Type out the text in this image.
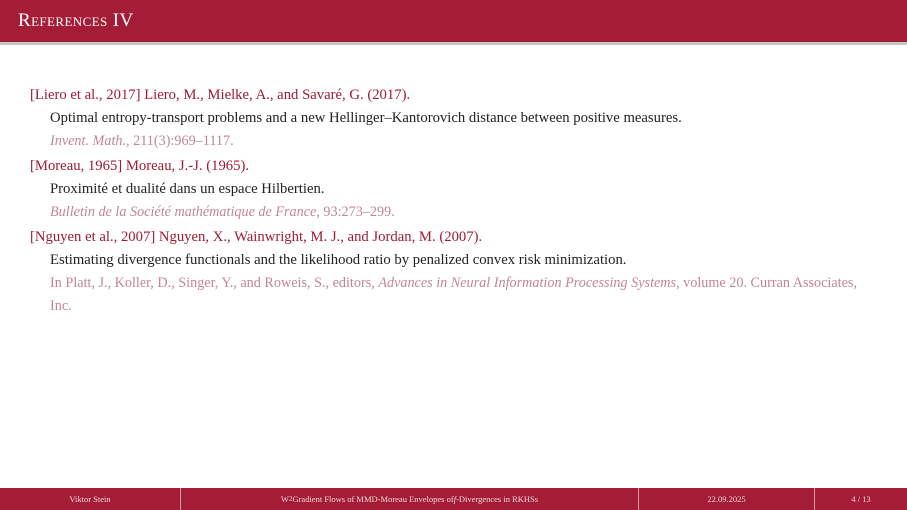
References IV
[Liero et al., 2017] Liero, M., Mielke, A., and Savaré, G. (2017).
Optimal entropy-transport problems and a new Hellinger–Kantorovich distance between positive measures.
Invent. Math., 211(3):969–1117.
[Moreau, 1965] Moreau, J.-J. (1965).
Proximité et dualité dans un espace Hilbertien.
Bulletin de la Société mathématique de France, 93:273–299.
[Nguyen et al., 2007] Nguyen, X., Wainwright, M. J., and Jordan, M. (2007).
Estimating divergence functionals and the likelihood ratio by penalized convex risk minimization.
In Platt, J., Koller, D., Singer, Y., and Roweis, S., editors, Advances in Neural Information Processing Systems, volume 20. Curran Associates, Inc.
Viktor Stein	W 2 Gradient Flows of MMD-Moreau Envelopes of f -Divergences in RKHSs	22.09.2025	4 / 13
